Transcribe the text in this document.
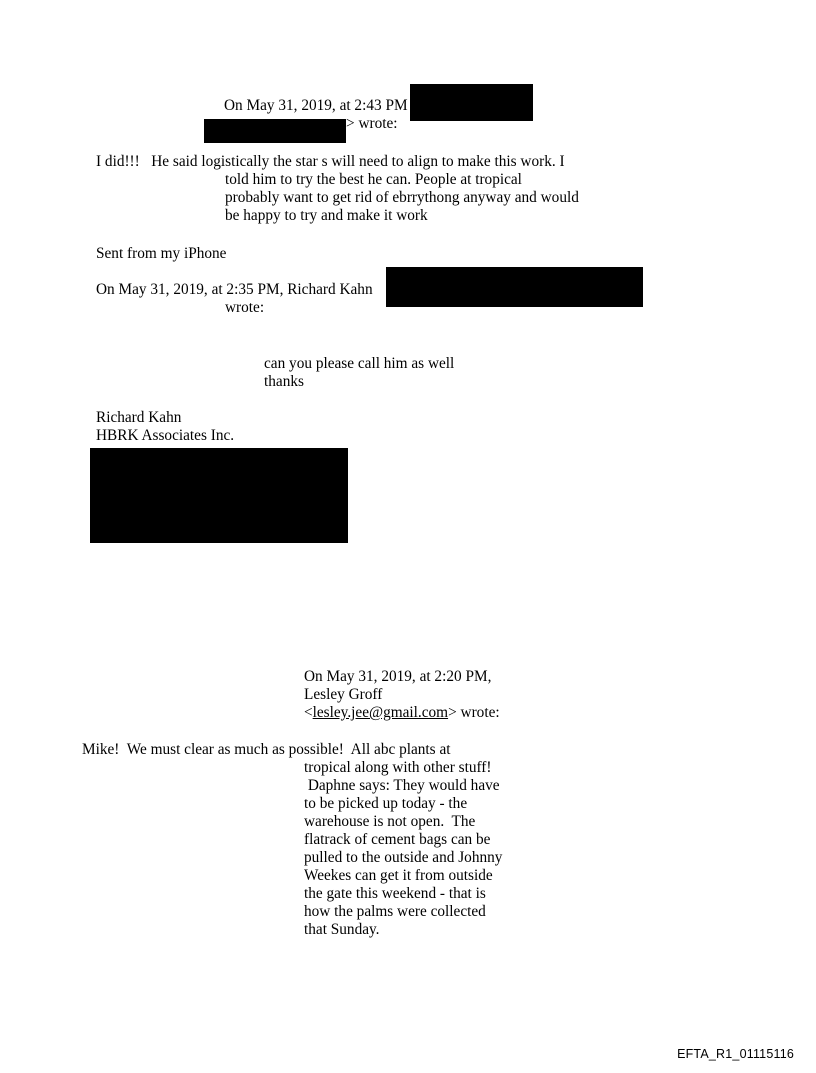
On May 31, 2019, at 2:43 PM
> wrote:
I did!!!   He said logistically the star s will need to align to make this work. I
told him to try the best he can. People at tropical
probably want to get rid of ebrrythong anyway and would
be happy to try and make it work
Sent from my iPhone
On May 31, 2019, at 2:35 PM, Richard Kahn
wrote:
can you please call him as well
thanks
Richard Kahn
HBRK Associates Inc.
On May 31, 2019, at 2:20 PM,
Lesley Groff
<lesley.jee@gmail.com> wrote:
Mike!  We must clear as much as possible!  All abc plants at
tropical along with other stuff!
Daphne says: They would have
to be picked up today - the
warehouse is not open.  The
flatrack of cement bags can be
pulled to the outside and Johnny
Weekes can get it from outside
the gate this weekend - that is
how the palms were collected
that Sunday.
EFTA_R1_01115116
